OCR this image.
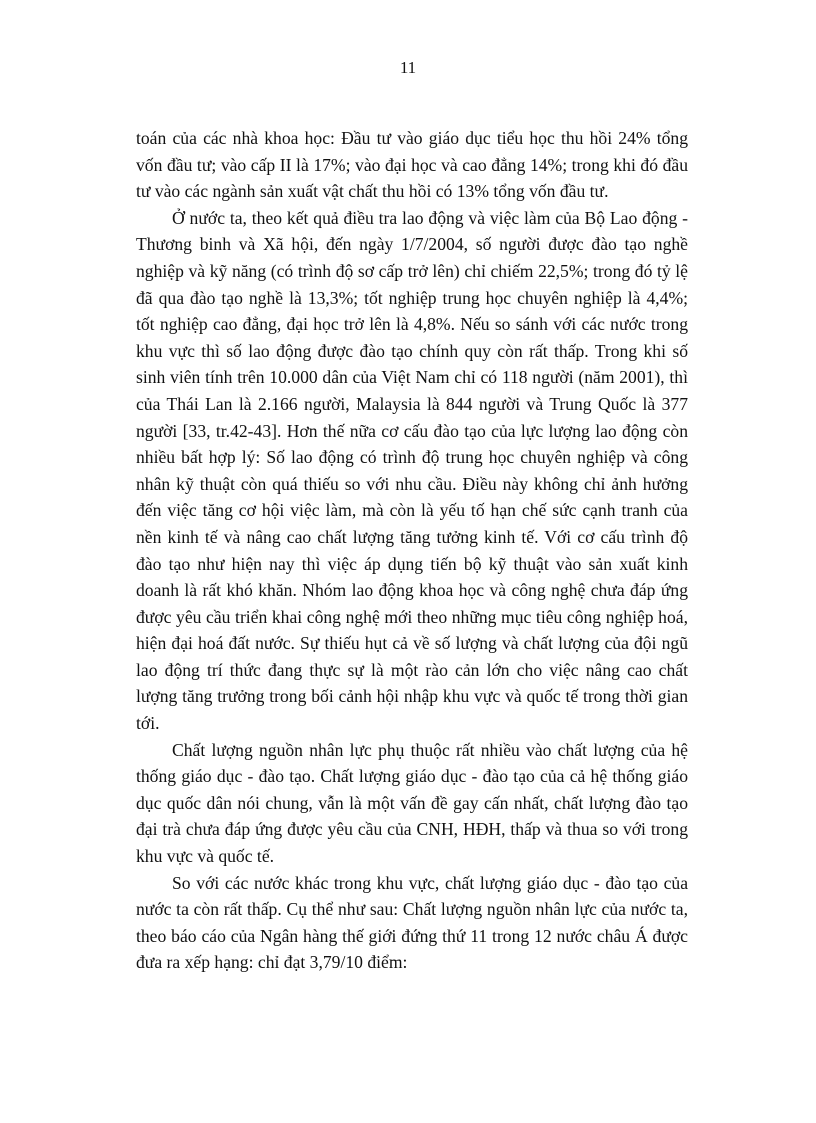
11

toán của các nhà khoa học: Đầu tư vào giáo dục tiểu học thu hồi 24% tổng vốn đầu tư; vào cấp II là 17%; vào đại học và cao đẳng 14%; trong khi đó đầu tư vào các ngành sản xuất vật chất thu hồi có 13% tổng vốn đầu tư.

Ở nước ta, theo kết quả điều tra lao động và việc làm của Bộ Lao động - Thương binh và Xã hội, đến ngày 1/7/2004, số người được đào tạo nghề nghiệp và kỹ năng (có trình độ sơ cấp trở lên) chỉ chiếm 22,5%; trong đó tỷ lệ đã qua đào tạo nghề là 13,3%; tốt nghiệp trung học chuyên nghiệp là 4,4%; tốt nghiệp cao đẳng, đại học trở lên là 4,8%. Nếu so sánh với các nước trong khu vực thì số lao động được đào tạo chính quy còn rất thấp. Trong khi số sinh viên tính trên 10.000 dân của Việt Nam chỉ có 118 người (năm 2001), thì của Thái Lan là 2.166 người, Malaysia là 844 người và Trung Quốc là 377 người [33, tr.42-43]. Hơn thế nữa cơ cấu đào tạo của lực lượng lao động còn nhiều bất hợp lý: Số lao động có trình độ trung học chuyên nghiệp và công nhân kỹ thuật còn quá thiếu so với nhu cầu. Điều này không chỉ ảnh hưởng đến việc tăng cơ hội việc làm, mà còn là yếu tố hạn chế sức cạnh tranh của nền kinh tế và nâng cao chất lượng tăng tưởng kinh tế. Với cơ cấu trình độ đào tạo như hiện nay thì việc áp dụng tiến bộ kỹ thuật vào sản xuất kinh doanh là rất khó khăn. Nhóm lao động khoa học và công nghệ chưa đáp ứng được yêu cầu triển khai công nghệ mới theo những mục tiêu công nghiệp hoá, hiện đại hoá đất nước. Sự thiếu hụt cả về số lượng và chất lượng của đội ngũ lao động trí thức đang thực sự là một rào cản lớn cho việc nâng cao chất lượng tăng trưởng trong bối cảnh hội nhập khu vực và quốc tế trong thời gian tới.

Chất lượng nguồn nhân lực phụ thuộc rất nhiều vào chất lượng của hệ thống giáo dục - đào tạo. Chất lượng giáo dục - đào tạo của cả hệ thống giáo dục quốc dân nói chung, vẫn là một vấn đề gay cấn nhất, chất lượng đào tạo đại trà chưa đáp ứng được yêu cầu của CNH, HĐH, thấp và thua so với trong khu vực và quốc tế.

So với các nước khác trong khu vực, chất lượng giáo dục - đào tạo của nước ta còn rất thấp. Cụ thể như sau: Chất lượng nguồn nhân lực của nước ta, theo báo cáo của Ngân hàng thế giới đứng thứ 11 trong 12 nước châu Á được đưa ra xếp hạng: chỉ đạt 3,79/10 điểm:
